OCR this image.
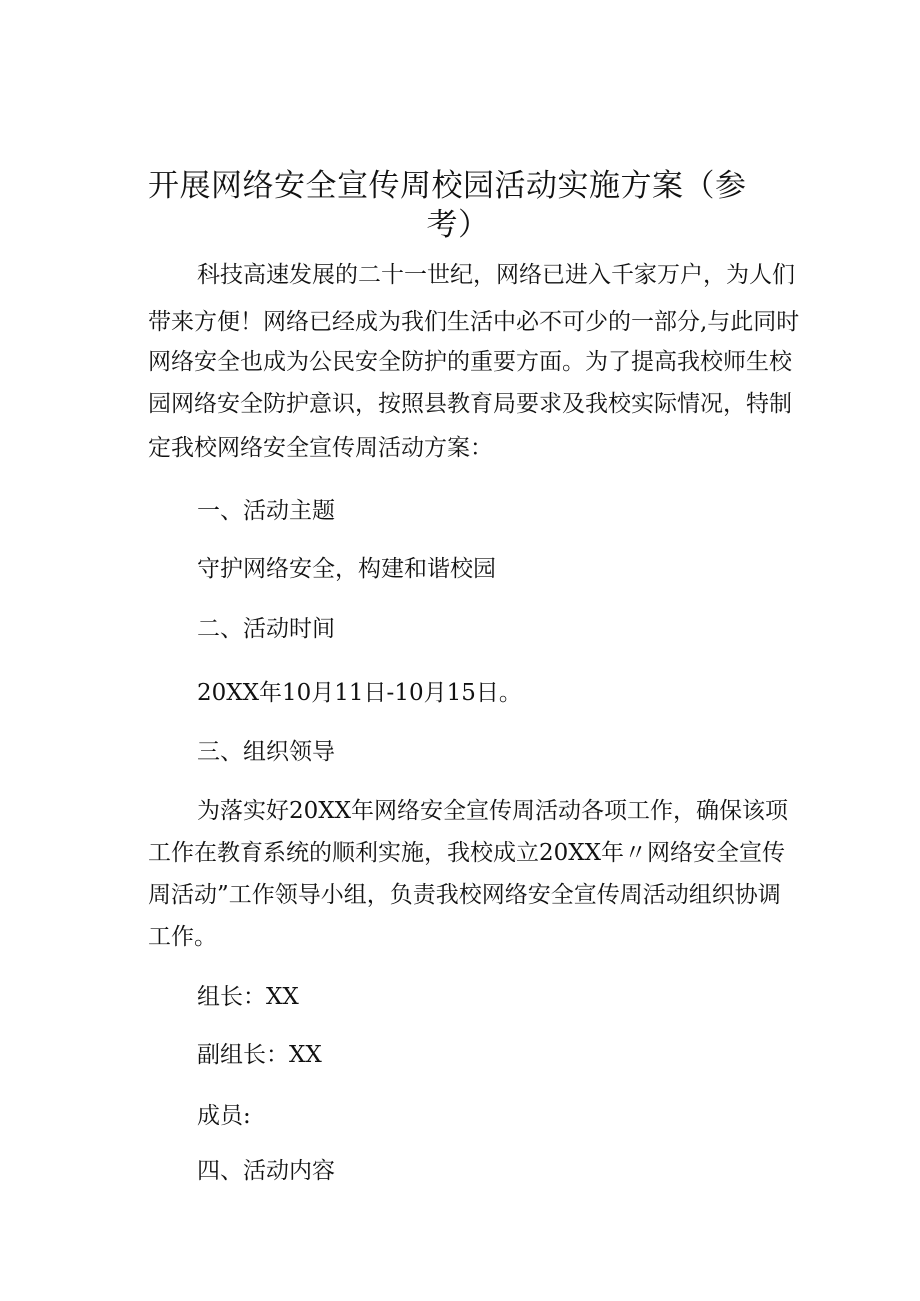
开展网络安全宣传周校园活动实施方案（参
考）
科技高速发展的二十一世纪，网络已进入千家万户，为人们
带来方便！网络已经成为我们生活中必不可少的一部分,与此同时
网络安全也成为公民安全防护的重要方面。为了提高我校师生校
园网络安全防护意识，按照县教育局要求及我校实际情况，特制
定我校网络安全宣传周活动方案：
一、活动主题
守护网络安全，构建和谐校园
二、活动时间
20XX年10月11日-10月15日。
三、组织领导
为落实好20XX年网络安全宣传周活动各项工作，确保该项
工作在教育系统的顺利实施，我校成立20XX年〃网络安全宣传
周活动”工作领导小组，负责我校网络安全宣传周活动组织协调
工作。
组长：XX
副组长：XX
成员:
四、活动内容
